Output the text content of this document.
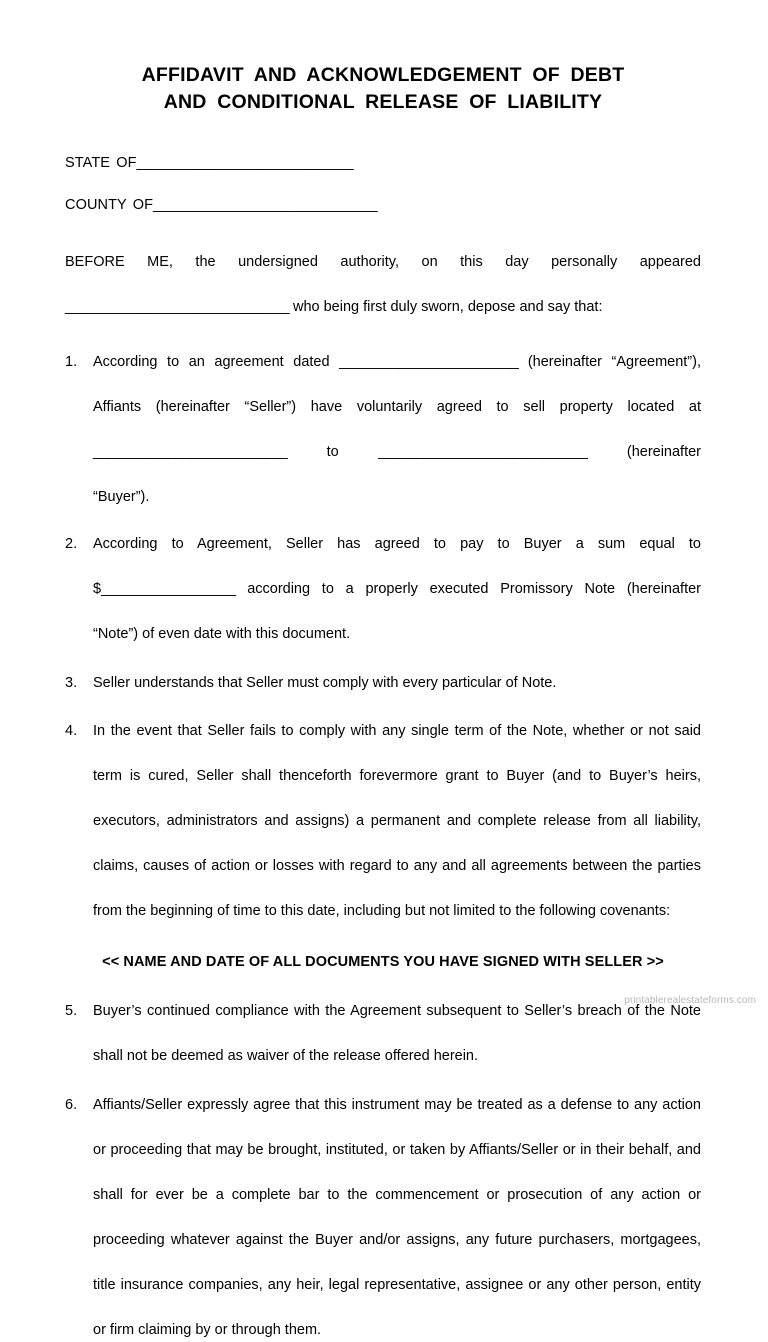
AFFIDAVIT AND ACKNOWLEDGEMENT OF DEBT
AND CONDITIONAL RELEASE OF LIABILITY
STATE OF_____________________________
COUNTY OF______________________________

BEFORE ME, the undersigned authority, on this day personally appeared
______________________________ who being first duly sworn, depose and say that:

1.	According to an agreement dated ________________________ (hereinafter “Agreement”),
Affiants (hereinafter “Seller”) have voluntarily agreed to sell property located at
__________________________	to	____________________________	(hereinafter
“Buyer”).
2.	According to Agreement, Seller has agreed to pay to Buyer a sum equal to
$__________________ according to a properly executed Promissory Note (hereinafter
“Note”) of even date with this document.
3.	Seller understands that Seller must comply with every particular of Note.
4.	In the event that Seller fails to comply with any single term of the Note, whether or not said
term is cured, Seller shall thenceforth forevermore grant to Buyer (and to Buyer’s heirs,
executors, administrators and assigns) a permanent and complete release from all liability,
claims, causes of action or losses with regard to any and all agreements between the parties
from the beginning of time to this date, including but not limited to the following covenants:
<< NAME AND DATE OF ALL DOCUMENTS YOU HAVE SIGNED WITH SELLER >>
5.	Buyer’s continued compliance with the Agreement subsequent to Seller’s breach of the Note
shall not be deemed as waiver of the release offered herein.
6.	Affiants/Seller expressly agree that this instrument may be treated as a defense to any action
or proceeding that may be brought, instituted, or taken by Affiants/Seller or in their behalf, and
shall for ever be a complete bar to the commencement or prosecution of any action or
proceeding whatever against the Buyer and/or assigns, any future purchasers, mortgagees,
title insurance companies, any heir, legal representative, assignee or any other person, entity
or firm claiming by or through them.
printablerealestateforms.com
